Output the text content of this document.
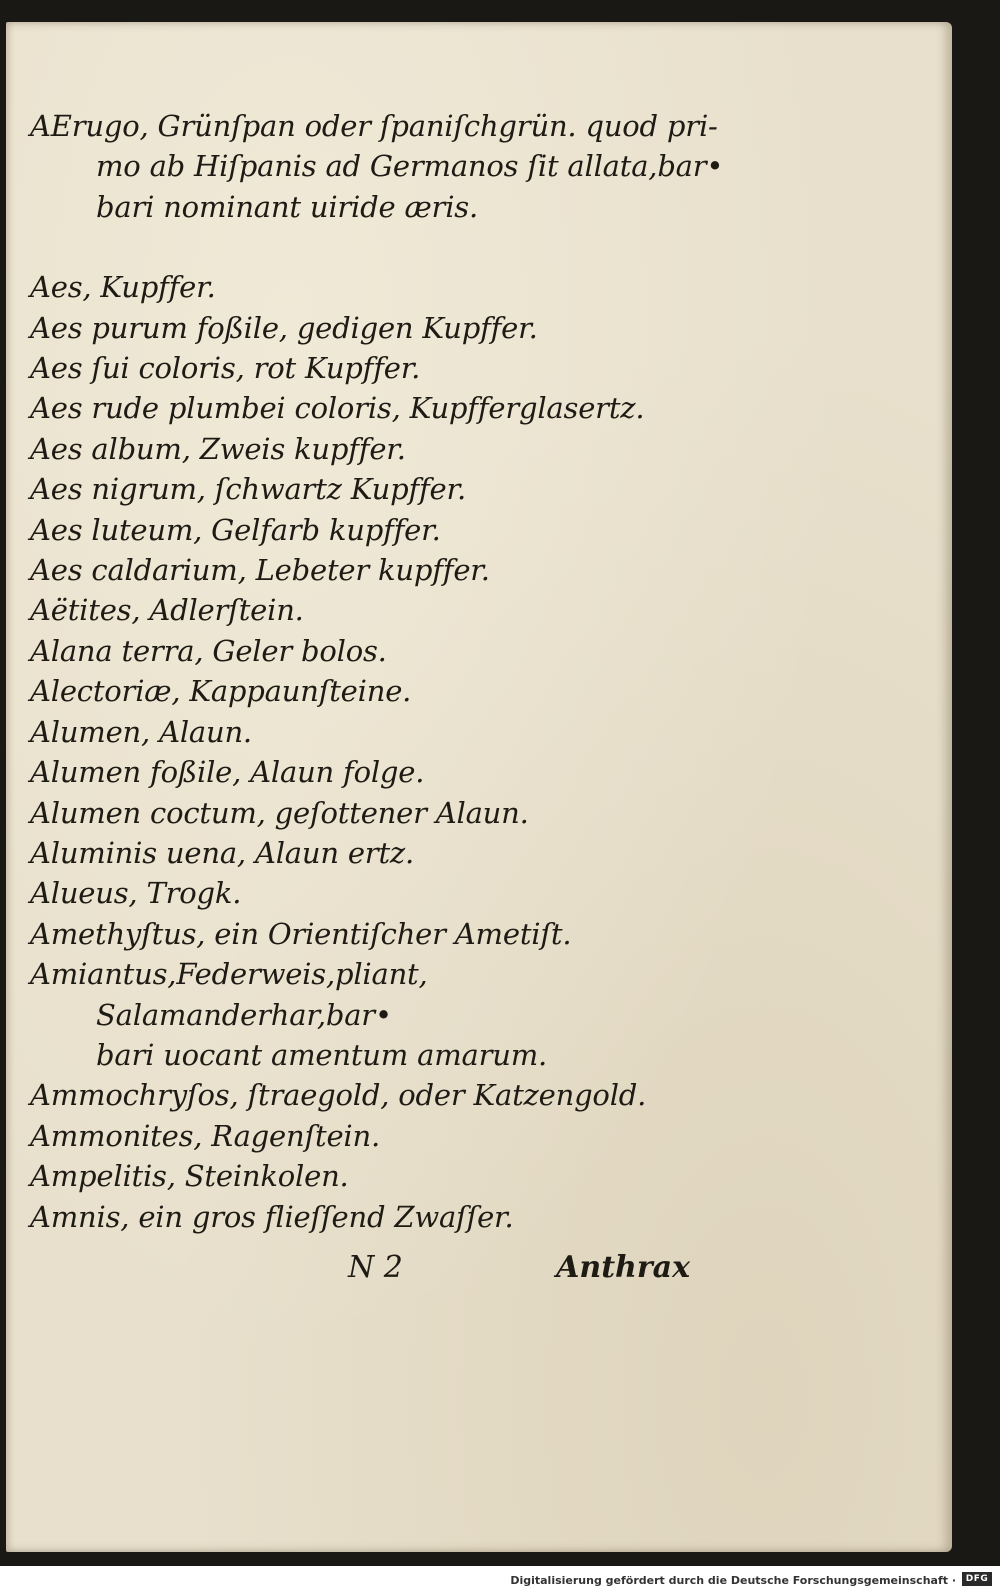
AErugo, Grünſpan oder ſpaniſchgrün. quod pri-
mo ab Hiſpanis ad Germanos ſit allata,bar•
bari nominant uiride æris.
Aes, Kupffer.
Aes purum foßile, gedigen Kupffer.
Aes ſui coloris, rot Kupffer.
Aes rude plumbei coloris, Kupfferglasertz.
Aes album, Zweis kupffer.
Aes nigrum, ſchwartz Kupffer.
Aes luteum, Gelfarb kupffer.
Aes caldarium, Lebeter kupffer.
Aëtites, Adlerſtein.
Alana terra, Geler bolos.
Alectoriæ, Kappaunſteine.
Alumen, Alaun.
Alumen foßile, Alaun folge.
Alumen coctum, geſottener Alaun.
Aluminis uena, Alaun ertz.
Alueus, Trogk.
Amethyſtus, ein Orientiſcher Ametiſt.
Amiantus,Federweis,pliant, Salamanderhar,bar•
bari uocant amentum amarum.
Ammochryſos, ſtraegold, oder Katzengold.
Ammonites, Ragenſtein.
Ampelitis, Steinkolen.
Amnis, ein gros flieſſend Zwaſſer.
N 2	Anthrax
Digitalisierung gefördert durch die Deutsche Forschungsgemeinschaft ·	DFG
